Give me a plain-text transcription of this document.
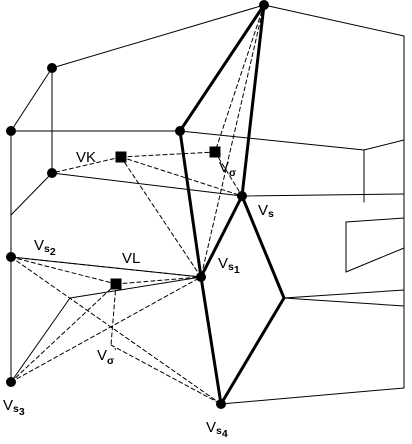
VK
$V_\sigma$
Vs
$Vs_1$
$Vs_2$	VL
$V_\sigma'$
$Vs_3$
$Vs_4$
